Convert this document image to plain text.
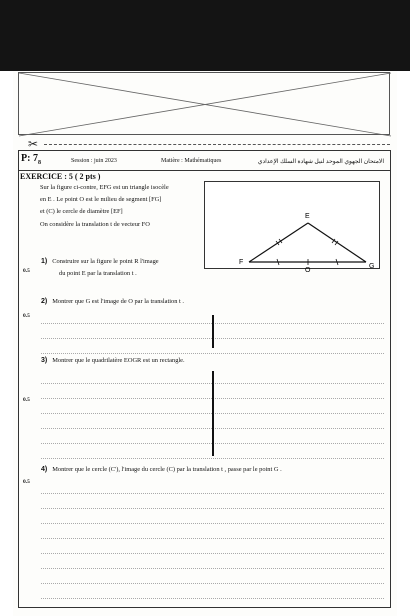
✂
P: $7_8$	Session : juin 2023	Matière : Mathématiques	الامتحان الجهوي الموحد لنيل شهادة السلك الإعدادي
EXERCICE : 5 ( 2 pts )
Sur la figure ci-contre, EFG est un triangle isocèle
en E . Le point O est le milieu de segment [FG]
et (C) le cercle de diamètre [EF]
On considère la translation t de vecteur FO
E
F
G
O
1) Construire sur la figure le point R l'image
du point E par la translation t .
0.5
2) Montrer que G est l'image de O par la translation t .
0.5
3) Montrer que le quadrilatère EOGR est un rectangle.
0.5
4) Montrer que le cercle (C'), l'image du cercle (C) par la translation t , passe par le point G .
0.5
